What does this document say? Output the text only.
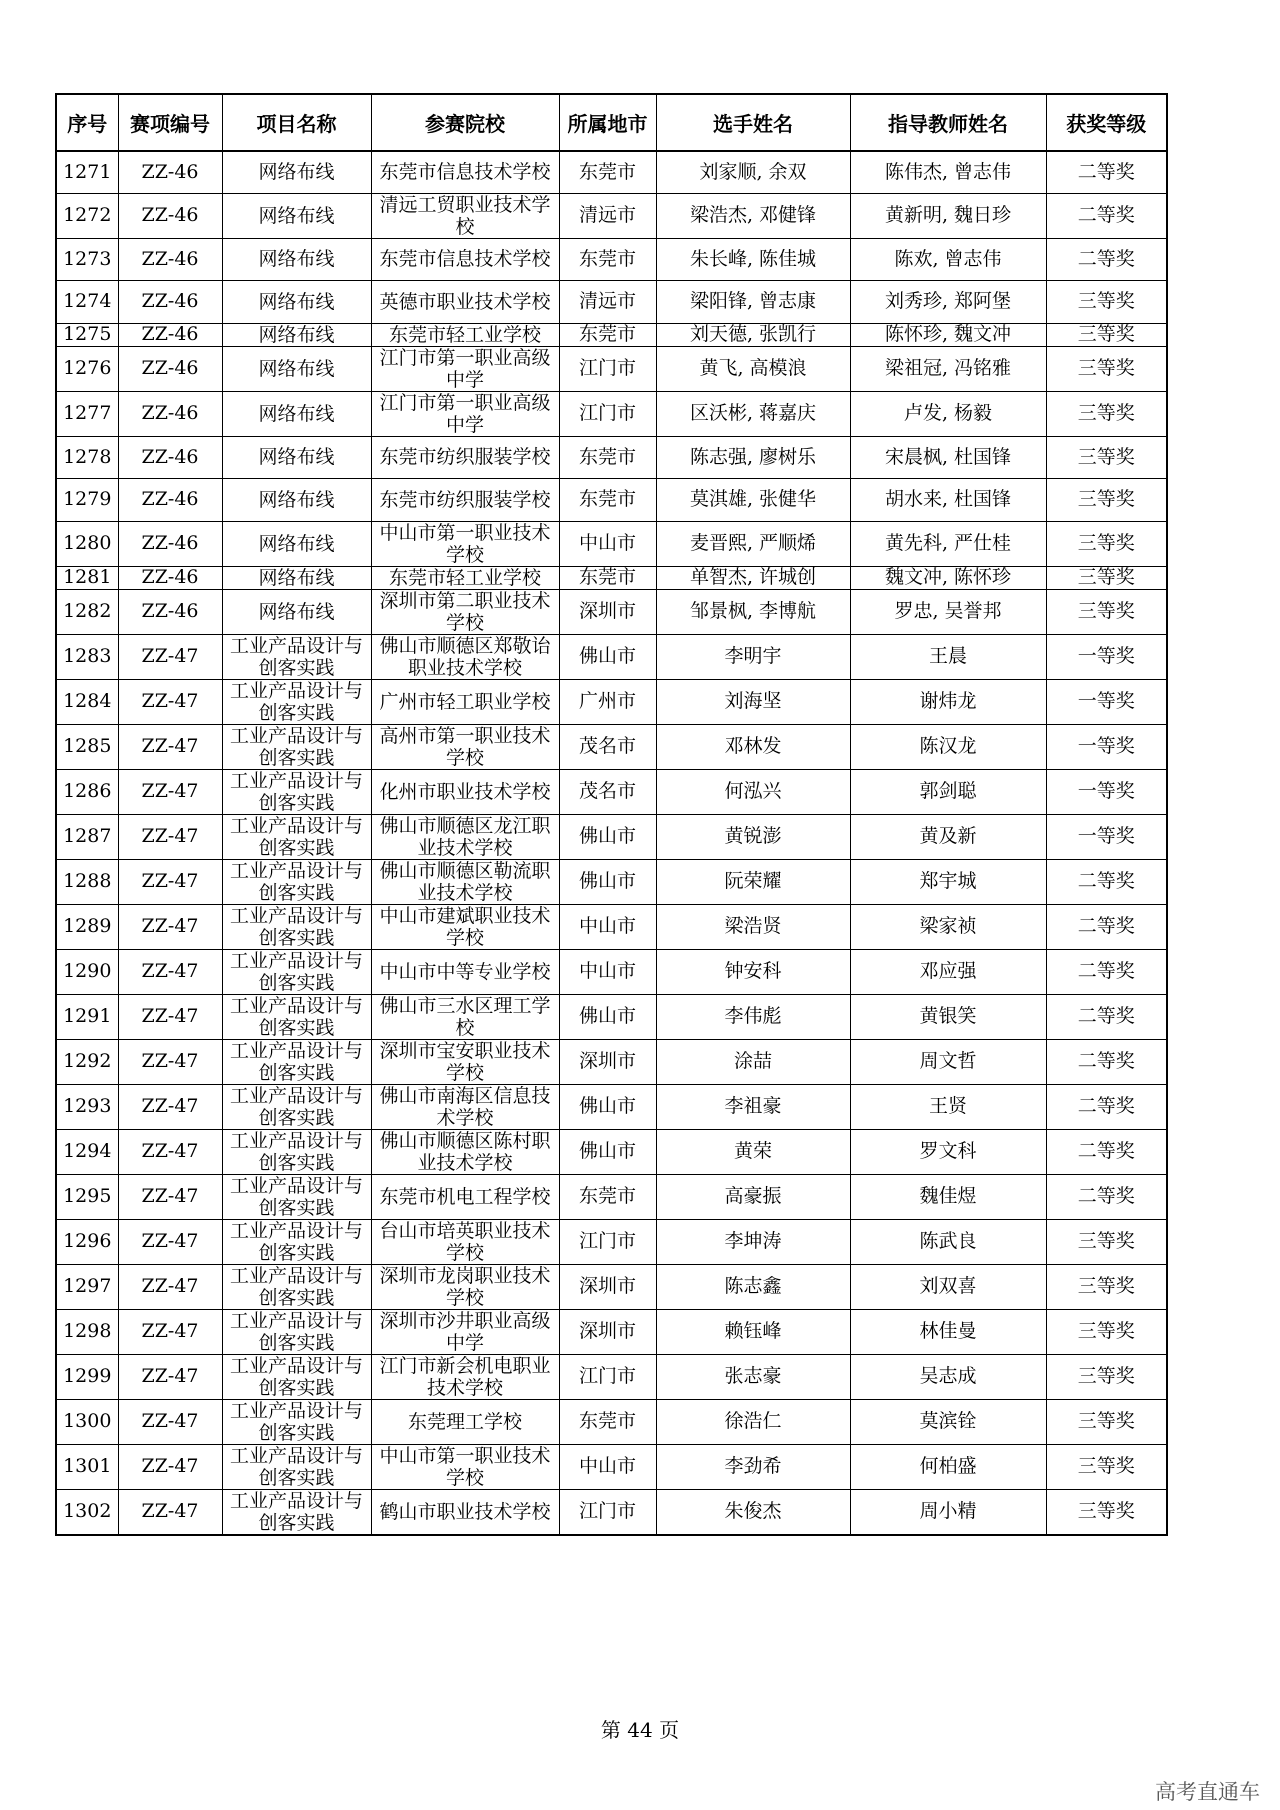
序号	赛项编号	项目名称	参赛院校	所属地市	选手姓名	指导教师姓名	获奖等级
1271	ZZ-46	网络布线	东莞市信息技术学校	东莞市	刘家顺, 余双	陈伟杰, 曾志伟	二等奖
1272	ZZ-46	网络布线	清远工贸职业技术学校	清远市	梁浩杰, 邓健锋	黄新明, 魏日珍	二等奖
1273	ZZ-46	网络布线	东莞市信息技术学校	东莞市	朱长峰, 陈佳城	陈欢, 曾志伟	二等奖
1274	ZZ-46	网络布线	英德市职业技术学校	清远市	梁阳锋, 曾志康	刘秀珍, 郑阿堡	三等奖
1275	ZZ-46	网络布线	东莞市轻工业学校	东莞市	刘天德, 张凯行	陈怀珍, 魏文冲	三等奖
1276	ZZ-46	网络布线	江门市第一职业高级中学	江门市	黄飞, 高模浪	梁祖冠, 冯铭雅	三等奖
1277	ZZ-46	网络布线	江门市第一职业高级中学	江门市	区沃彬, 蒋嘉庆	卢发, 杨毅	三等奖
1278	ZZ-46	网络布线	东莞市纺织服装学校	东莞市	陈志强, 廖树乐	宋晨枫, 杜国锋	三等奖
1279	ZZ-46	网络布线	东莞市纺织服装学校	东莞市	莫淇雄, 张健华	胡水来, 杜国锋	三等奖
1280	ZZ-46	网络布线	中山市第一职业技术学校	中山市	麦晋熙, 严顺烯	黄先科, 严仕桂	三等奖
1281	ZZ-46	网络布线	东莞市轻工业学校	东莞市	单智杰, 许城创	魏文冲, 陈怀珍	三等奖
1282	ZZ-46	网络布线	深圳市第二职业技术学校	深圳市	邹景枫, 李博航	罗忠, 吴誉邦	三等奖
1283	ZZ-47	工业产品设计与创客实践	佛山市顺德区郑敬诒职业技术学校	佛山市	李明宇	王晨	一等奖
1284	ZZ-47	工业产品设计与创客实践	广州市轻工职业学校	广州市	刘海坚	谢炜龙	一等奖
1285	ZZ-47	工业产品设计与创客实践	高州市第一职业技术学校	茂名市	邓林发	陈汉龙	一等奖
1286	ZZ-47	工业产品设计与创客实践	化州市职业技术学校	茂名市	何泓兴	郭剑聪	一等奖
1287	ZZ-47	工业产品设计与创客实践	佛山市顺德区龙江职业技术学校	佛山市	黄锐澎	黄及新	一等奖
1288	ZZ-47	工业产品设计与创客实践	佛山市顺德区勒流职业技术学校	佛山市	阮荣耀	郑宇城	二等奖
1289	ZZ-47	工业产品设计与创客实践	中山市建斌职业技术学校	中山市	梁浩贤	梁家祯	二等奖
1290	ZZ-47	工业产品设计与创客实践	中山市中等专业学校	中山市	钟安科	邓应强	二等奖
1291	ZZ-47	工业产品设计与创客实践	佛山市三水区理工学校	佛山市	李伟彪	黄银笑	二等奖
1292	ZZ-47	工业产品设计与创客实践	深圳市宝安职业技术学校	深圳市	涂喆	周文哲	二等奖
1293	ZZ-47	工业产品设计与创客实践	佛山市南海区信息技术学校	佛山市	李祖豪	王贤	二等奖
1294	ZZ-47	工业产品设计与创客实践	佛山市顺德区陈村职业技术学校	佛山市	黄荣	罗文科	二等奖
1295	ZZ-47	工业产品设计与创客实践	东莞市机电工程学校	东莞市	高豪振	魏佳煜	二等奖
1296	ZZ-47	工业产品设计与创客实践	台山市培英职业技术学校	江门市	李坤涛	陈武良	三等奖
1297	ZZ-47	工业产品设计与创客实践	深圳市龙岗职业技术学校	深圳市	陈志鑫	刘双喜	三等奖
1298	ZZ-47	工业产品设计与创客实践	深圳市沙井职业高级中学	深圳市	赖钰峰	林佳曼	三等奖
1299	ZZ-47	工业产品设计与创客实践	江门市新会机电职业技术学校	江门市	张志豪	吴志成	三等奖
1300	ZZ-47	工业产品设计与创客实践	东莞理工学校	东莞市	徐浩仁	莫滨铨	三等奖
1301	ZZ-47	工业产品设计与创客实践	中山市第一职业技术学校	中山市	李劲希	何柏盛	三等奖
1302	ZZ-47	工业产品设计与创客实践	鹤山市职业技术学校	江门市	朱俊杰	周小精	三等奖
第 44 页
高考直通车
